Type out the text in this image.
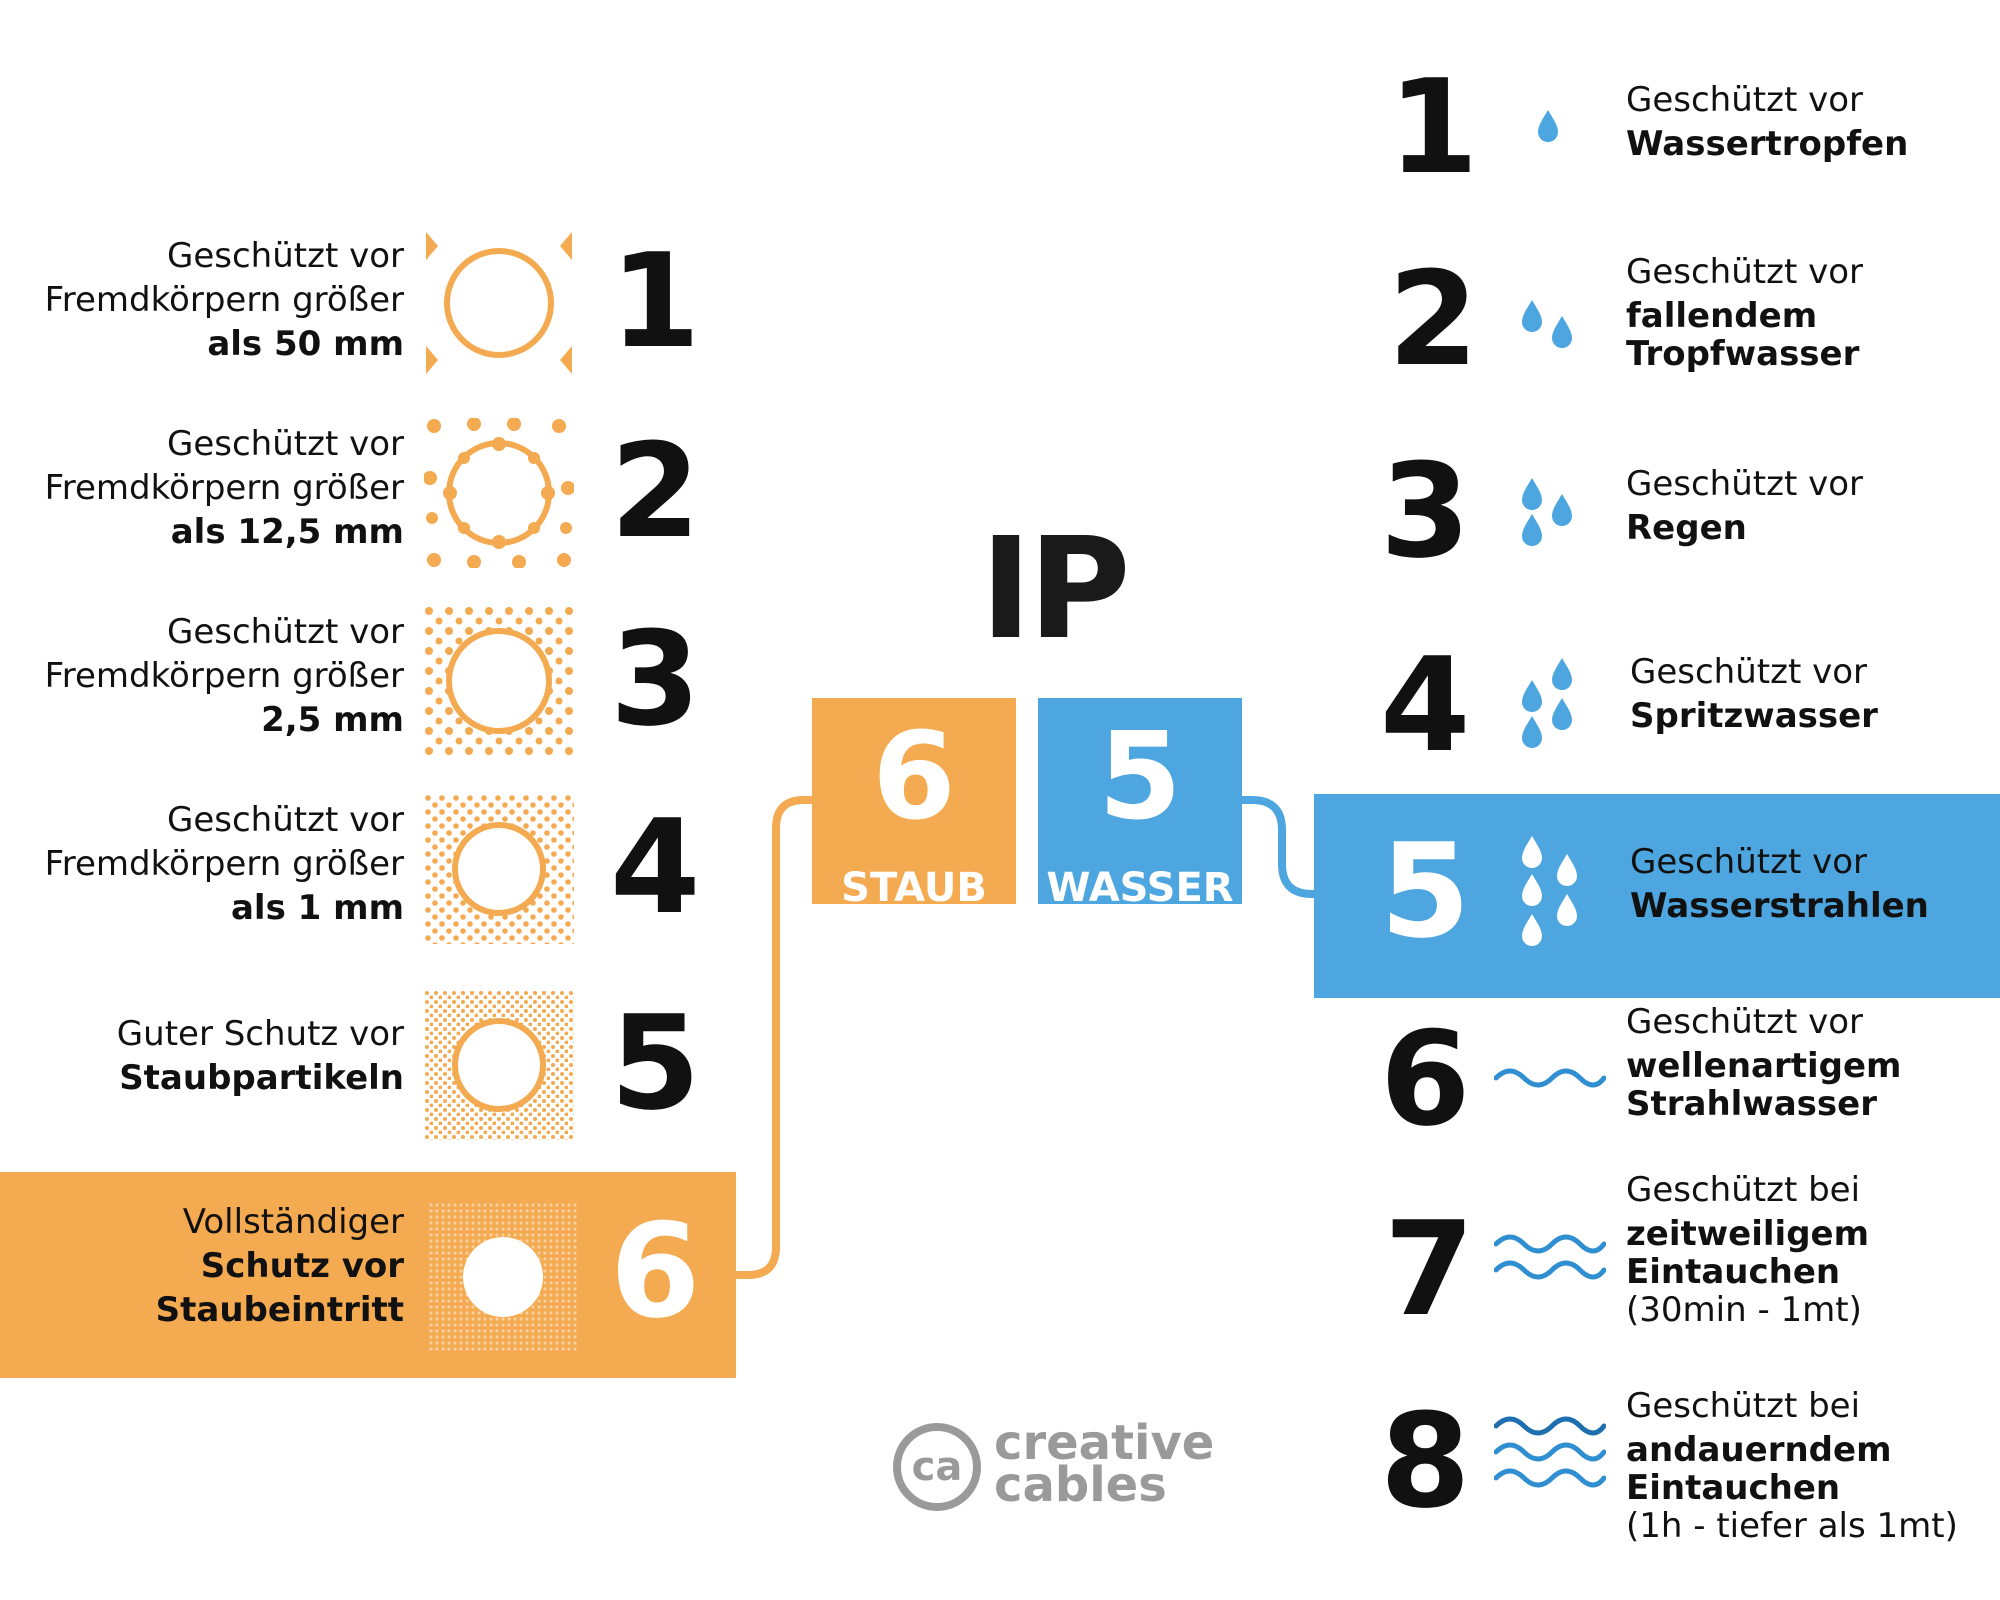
Geschützt vor
Fremdkörpern größer
als 50 mm 1
Geschützt vor
Fremdkörpern größer
als 12,5 mm 2
Geschützt vor
Fremdkörpern größer
2,5 mm 3
Geschützt vor
Fremdkörpern größer
als 1 mm 4
Guter Schutz vor
Staubpartikeln 5
Vollständiger
Schutz vor
Staubeintritt 6
IP
6
STAUB
5
WASSER
1	Geschützt vor
Wassertropfen
2	Geschützt vor
fallendem
Tropfwasser
3	Geschützt vor
Regen
4	Geschützt vor
Spritzwasser
5	Geschützt vor
Wasserstrahlen
6	Geschützt vor
wellenartigem
Strahlwasser
7
Geschützt bei
zeitweiligem
Eintauchen
(30min - 1mt)
8	Geschützt bei
andauerndem
Eintauchen
(1h - tiefer als 1mt)
ca creative
cables
